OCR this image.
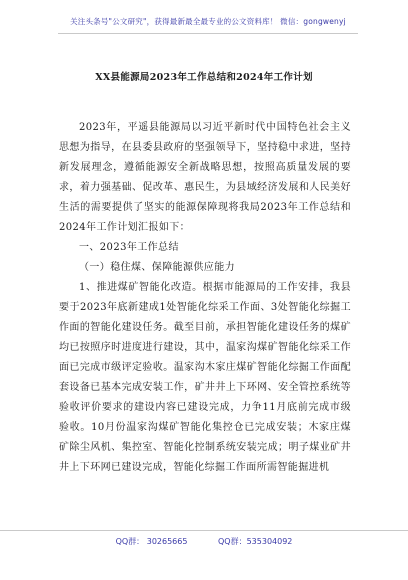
关注头条号"公文研究"，获得最新最全最专业的公文资料库！ 微信：gongwenyj
XX县能源局2023年工作总结和2024年工作计划

2023年，平遥县能源局以习近平新时代中国特色社会主义思想为指导，在县委县政府的坚强领导下，坚持稳中求进，坚持新发展理念，遵循能源安全新战略思想，按照高质量发展的要求，着力强基础、促改革、惠民生，为县域经济发展和人民美好生活的需要提供了坚实的能源保障现将我局2023年工作总结和2024年工作计划汇报如下：

一、2023年工作总结

（一）稳住煤、保障能源供应能力

1、推进煤矿智能化改造。根据市能源局的工作安排，我县要于2023年底新建成1处智能化综采工作面、3处智能化综掘工作面的智能化建设任务。截至目前，承担智能化建设任务的煤矿均已按照序时进度进行建设，其中，温家沟煤矿智能化综采工作面已完成市级评定验收。温家沟木家庄煤矿智能化综掘工作面配套设备已基本完成安装工作，矿井井上下环网、安全管控系统等验收评价要求的建设内容已建设完成，力争11月底前完成市级验收。10月份温家沟煤矿智能化集控仓已完成安装；木家庄煤矿除尘风机、集控室、智能化控制系统安装完成；明子煤业矿井井上下环网已建设完成，智能化综掘工作面所需智能掘进机

QQ群： 30265665	QQ群：535304092
